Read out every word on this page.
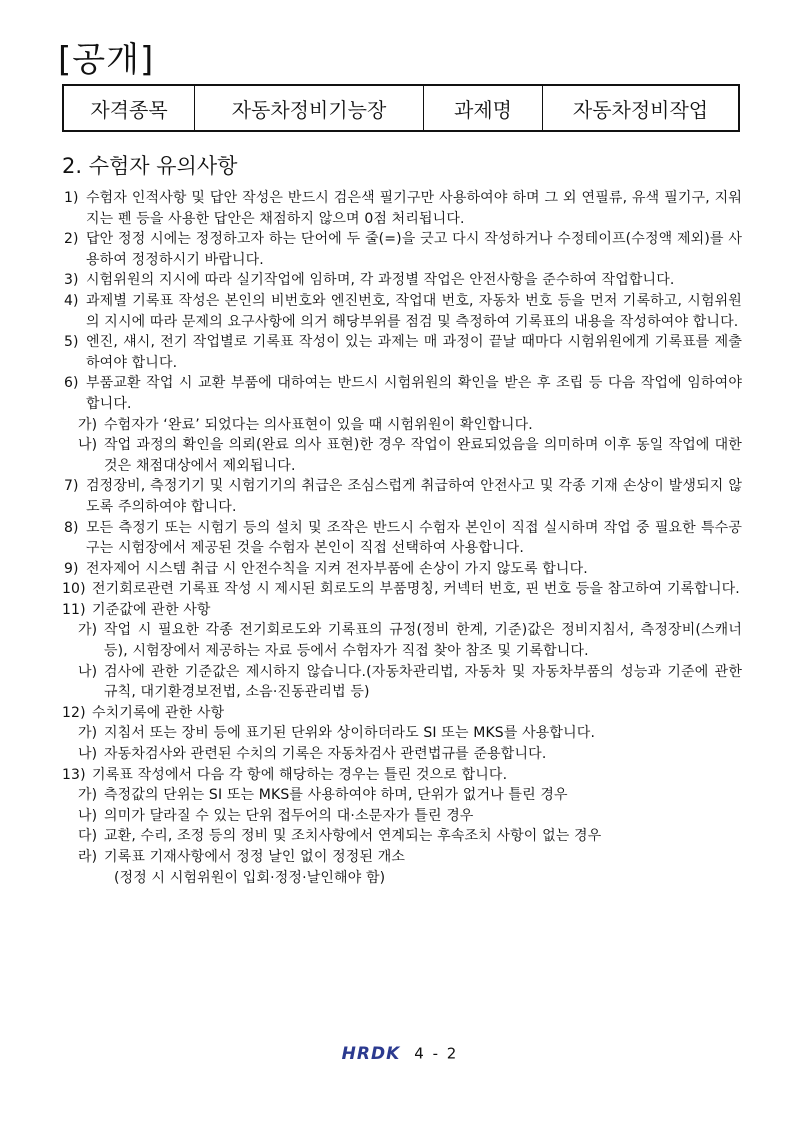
[공개]
자격종목	자동차정비기능장	과제명	자동차정비작업
2. 수험자 유의사항
1) 수험자 인적사항 및 답안 작성은 반드시 검은색 필기구만 사용하여야 하며 그 외 연필류, 유색 필기구, 지워지는 펜 등을 사용한 답안은 채점하지 않으며 0점 처리됩니다.
2) 답안 정정 시에는 정정하고자 하는 단어에 두 줄(=)을 긋고 다시 작성하거나 수정테이프(수정액 제외)를 사용하여 정정하시기 바랍니다.
3) 시험위원의 지시에 따라 실기작업에 임하며, 각 과정별 작업은 안전사항을 준수하여 작업합니다.
4) 과제별 기록표 작성은 본인의 비번호와 엔진번호, 작업대 번호, 자동차 번호 등을 먼저 기록하고, 시험위원의 지시에 따라 문제의 요구사항에 의거 해당부위를 점검 및 측정하여 기록표의 내용을 작성하여야 합니다.
5) 엔진, 섀시, 전기 작업별로 기록표 작성이 있는 과제는 매 과정이 끝날 때마다 시험위원에게 기록표를 제출하여야 합니다.
6) 부품교환 작업 시 교환 부품에 대하여는 반드시 시험위원의 확인을 받은 후 조립 등 다음 작업에 임하여야 합니다.
가) 수험자가 ‘완료’ 되었다는 의사표현이 있을 때 시험위원이 확인합니다.
나) 작업 과정의 확인을 의뢰(완료 의사 표현)한 경우 작업이 완료되었음을 의미하며 이후 동일 작업에 대한 것은 채점대상에서 제외됩니다.
7) 검정장비, 측정기기 및 시험기기의 취급은 조심스럽게 취급하여 안전사고 및 각종 기재 손상이 발생되지 않도록 주의하여야 합니다.
8) 모든 측정기 또는 시험기 등의 설치 및 조작은 반드시 수험자 본인이 직접 실시하며 작업 중 필요한 특수공구는 시험장에서 제공된 것을 수험자 본인이 직접 선택하여 사용합니다.
9) 전자제어 시스템 취급 시 안전수칙을 지켜 전자부품에 손상이 가지 않도록 합니다.
10) 전기회로관련 기록표 작성 시 제시된 회로도의 부품명칭, 커넥터 번호, 핀 번호 등을 참고하여 기록합니다.
11) 기준값에 관한 사항
가) 작업 시 필요한 각종 전기회로도와 기록표의 규정(정비 한계, 기준)값은 정비지침서, 측정장비(스캐너 등), 시험장에서 제공하는 자료 등에서 수험자가 직접 찾아 참조 및 기록합니다.
나) 검사에 관한 기준값은 제시하지 않습니다.(자동차관리법, 자동차 및 자동차부품의 성능과 기준에 관한 규칙, 대기환경보전법, 소음·진동관리법 등)
12) 수치기록에 관한 사항
가) 지침서 또는 장비 등에 표기된 단위와 상이하더라도 SI 또는 MKS를 사용합니다.
나) 자동차검사와 관련된 수치의 기록은 자동차검사 관련법규를 준용합니다.
13) 기록표 작성에서 다음 각 항에 해당하는 경우는 틀린 것으로 합니다.
가) 측정값의 단위는 SI 또는 MKS를 사용하여야 하며, 단위가 없거나 틀린 경우
나) 의미가 달라질 수 있는 단위 접두어의 대·소문자가 틀린 경우
다) 교환, 수리, 조정 등의 정비 및 조치사항에서 연계되는 후속조치 사항이 없는 경우
라) 기록표 기재사항에서 정정 날인 없이 정정된 개소
(정정 시 시험위원이 입회·정정·날인해야 함)
HRDK 4 - 2
